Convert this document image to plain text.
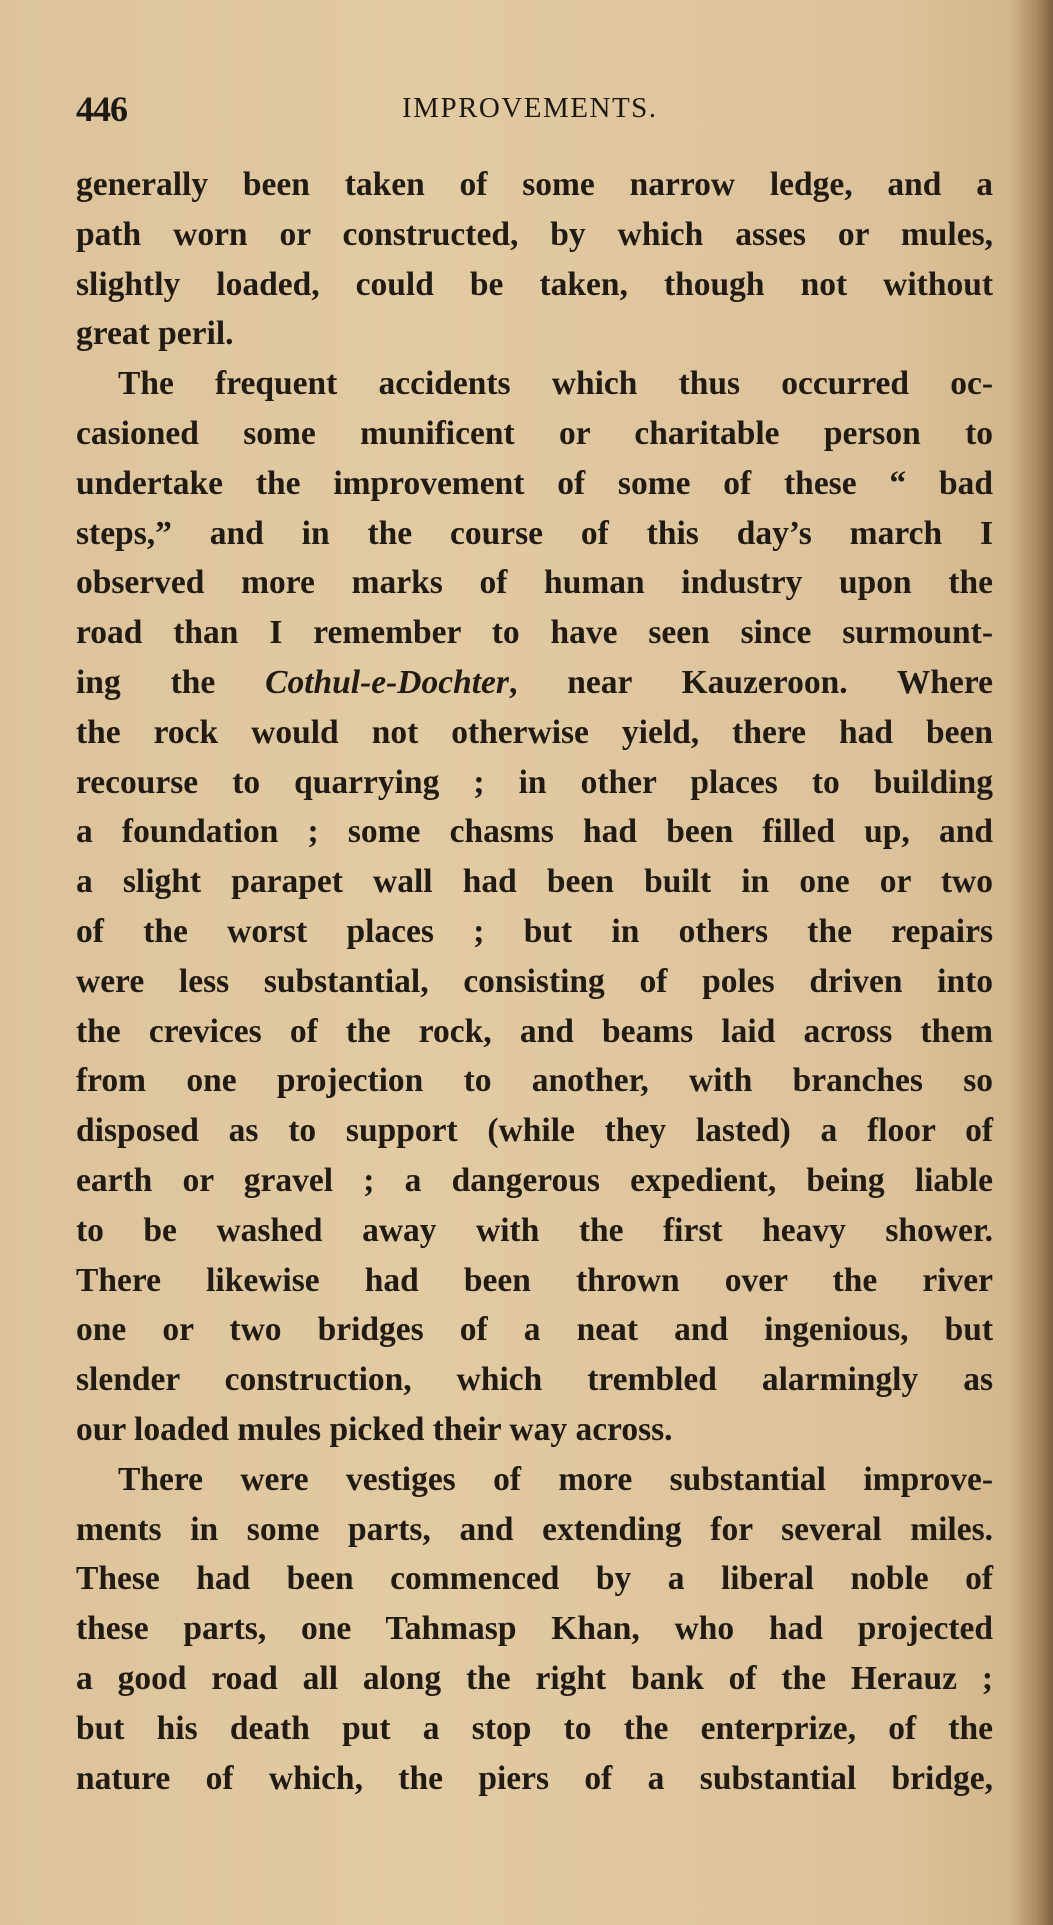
446	IMPROVEMENTS.
generally been taken of some narrow ledge, and a
path worn or constructed, by which asses or mules,
slightly loaded, could be taken, though not without
great peril.
The frequent accidents which thus occurred oc-
casioned some munificent or charitable person to
undertake the improvement of some of these “ bad
steps,” and in the course of this day’s march I
observed more marks of human industry upon the
road than I remember to have seen since surmount-
ing the Cothul-e-Dochter, near Kauzeroon. Where
the rock would not otherwise yield, there had been
recourse to quarrying ; in other places to building
a foundation ; some chasms had been filled up, and
a slight parapet wall had been built in one or two
of the worst places ; but in others the repairs
were less substantial, consisting of poles driven into
the crevices of the rock, and beams laid across them
from one projection to another, with branches so
disposed as to support (while they lasted) a floor of
earth or gravel ; a dangerous expedient, being liable
to be washed away with the first heavy shower.
There likewise had been thrown over the river
one or two bridges of a neat and ingenious, but
slender construction, which trembled alarmingly as
our loaded mules picked their way across.
There were vestiges of more substantial improve-
ments in some parts, and extending for several miles.
These had been commenced by a liberal noble of
these parts, one Tahmasp Khan, who had projected
a good road all along the right bank of the Herauz ;
but his death put a stop to the enterprize, of the
nature of which, the piers of a substantial bridge,
